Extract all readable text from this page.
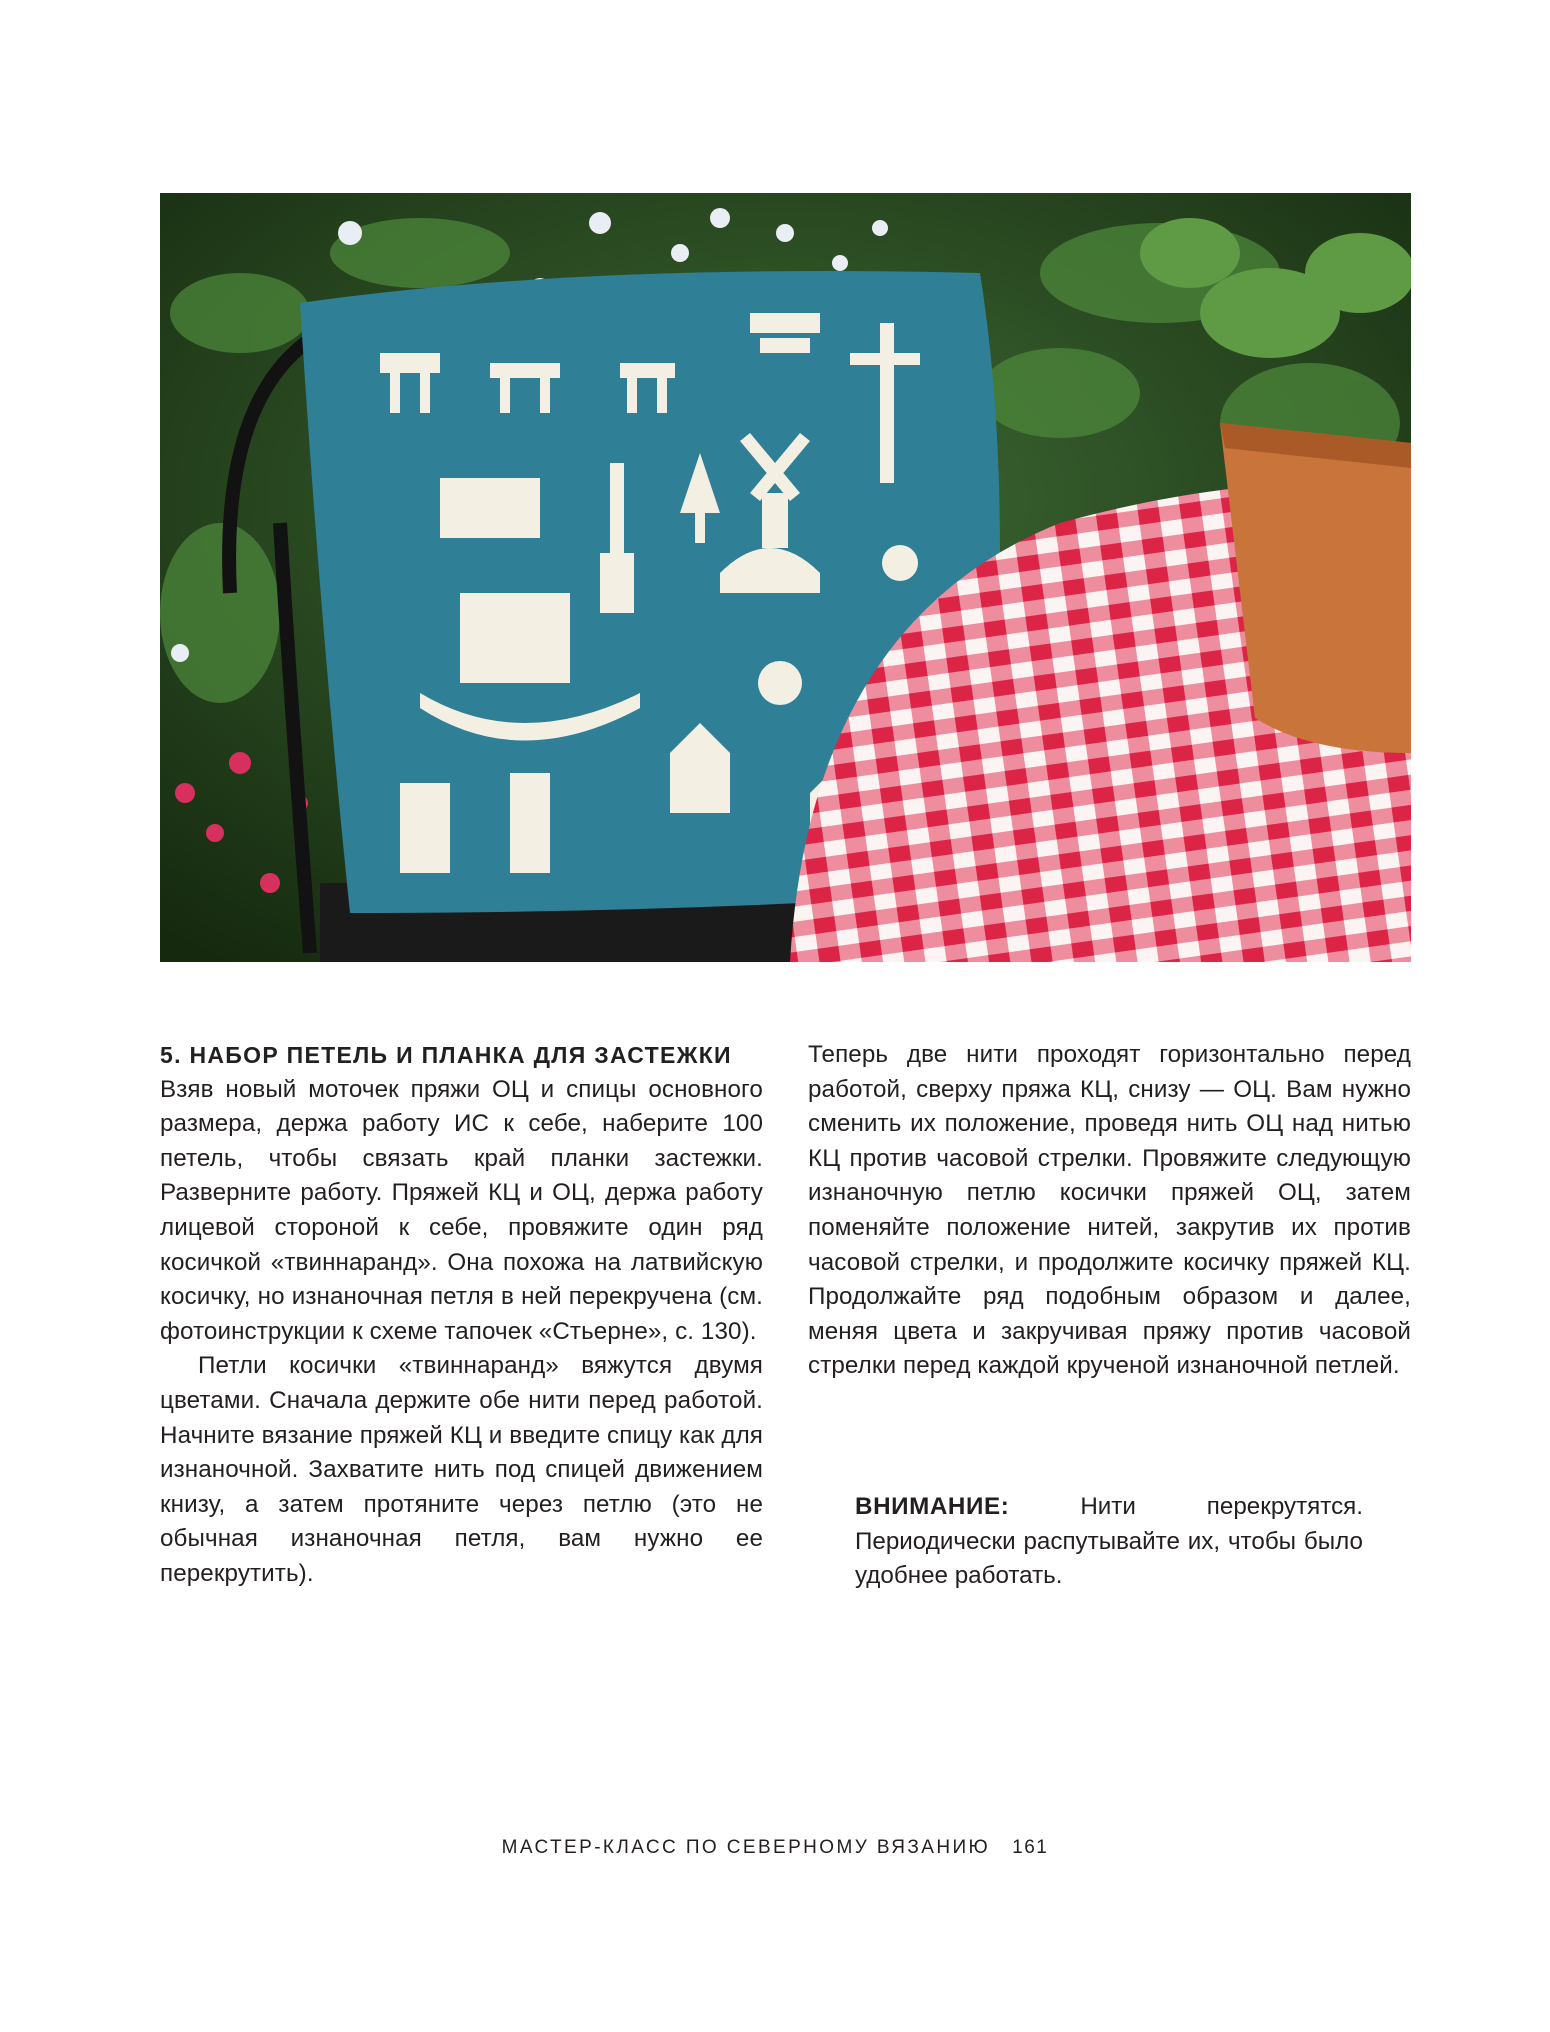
5. НАБОР ПЕТЕЛЬ И ПЛАНКА ДЛЯ ЗАСТЕЖКИ

Взяв новый моточек пряжи ОЦ и спицы основного размера, держа работу ИС к себе, наберите 100 петель, чтобы связать край планки застежки. Разверните работу. Пряжей КЦ и ОЦ, держа работу лицевой стороной к себе, провяжите один ряд косичкой «твиннаранд». Она похожа на латвийскую косичку, но изнаночная петля в ней перекручена (см. фотоинструкции к схеме тапочек «Стьерне», с. 130).

Петли косички «твиннаранд» вяжутся двумя цветами. Сначала держите обе нити перед работой. Начните вязание пряжей КЦ и введите спицу как для изнаночной. Захватите нить под спицей движением книзу, а затем протяните через петлю (это не обычная изнаночная петля, вам нужно ее перекрутить).

Теперь две нити проходят горизонтально перед работой, сверху пряжа КЦ, снизу — ОЦ. Вам нужно сменить их положение, проведя нить ОЦ над нитью КЦ против часовой стрелки. Провяжите следующую изнаночную петлю косички пряжей ОЦ, затем поменяйте положение нитей, закрутив их против часовой стрелки, и продолжите косичку пряжей КЦ. Продолжайте ряд подобным образом и далее, меняя цвета и закручивая пряжу против часовой стрелки перед каждой крученой изнаночной петлей.

ВНИМАНИЕ:	Нити перекрутятся. Периодически распутывайте их, чтобы было удобнее работать.
МАСТЕР-КЛАСС ПО СЕВЕРНОМУ ВЯЗАНИЮ 161
